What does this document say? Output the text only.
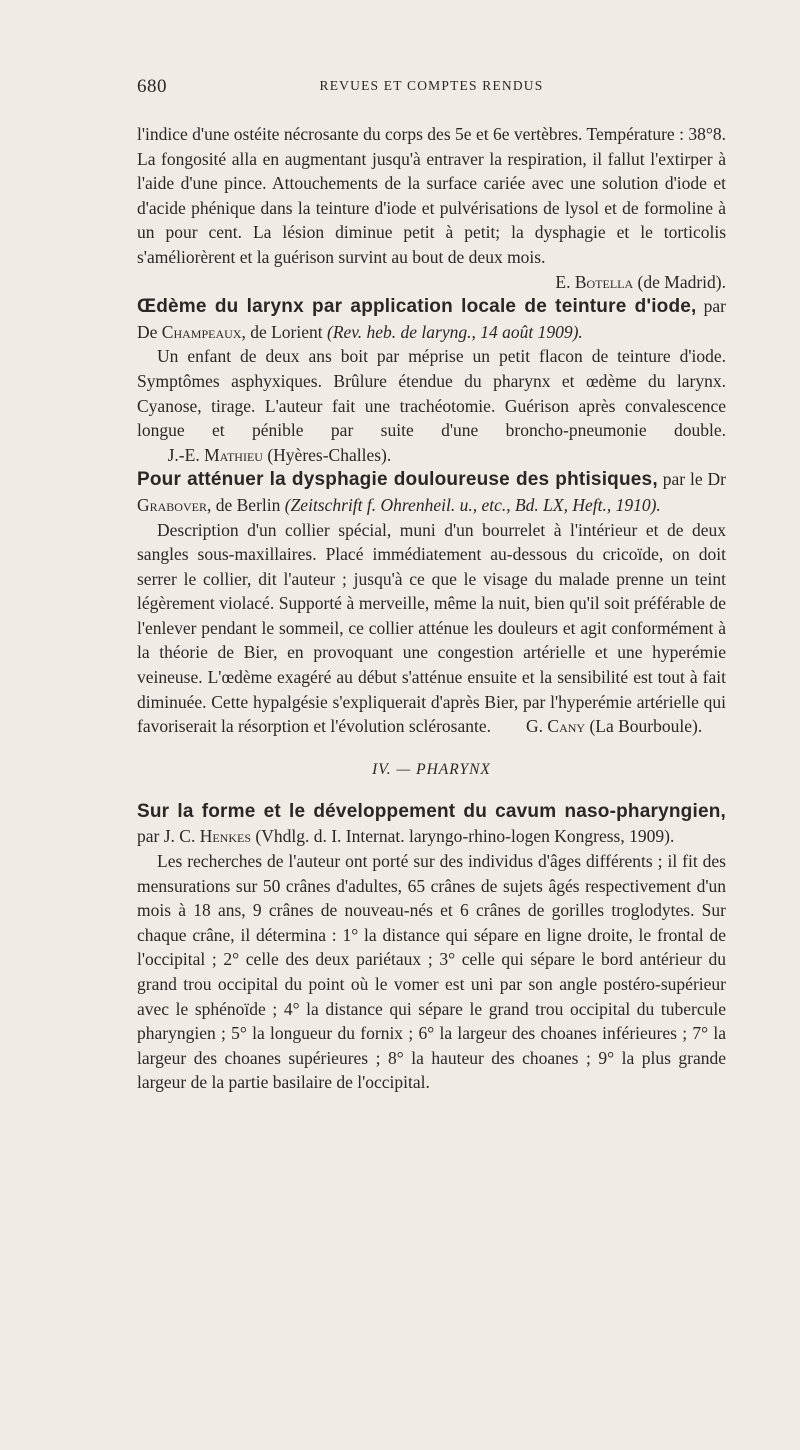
680	REVUES ET COMPTES RENDUS

l'indice d'une ostéite nécrosante du corps des 5e et 6e vertèbres. Température : 38°8. La fongosité alla en augmentant jusqu'à entraver la respiration, il fallut l'extirper à l'aide d'une pince. Attouchements de la surface cariée avec une solution d'iode et d'acide phénique dans la teinture d'iode et pulvérisations de lysol et de formoline à un pour cent. La lésion diminue petit à petit; la dysphagie et le torticolis s'améliorèrent et la guérison survint au bout de deux mois.

E. Botella (de Madrid).

Œdème du larynx par application locale de teinture d'iode, par De Champeaux, de Lorient (Rev. heb. de laryng., 14 août 1909).

Un enfant de deux ans boit par méprise un petit flacon de teinture d'iode. Symptômes asphyxiques. Brûlure étendue du pharynx et œdème du larynx. Cyanose, tirage. L'auteur fait une trachéotomie. Guérison après convalescence longue et pénible par suite d'une broncho-pneumonie double.        J.-E. Mathieu (Hyères-Challes).

Pour atténuer la dysphagie douloureuse des phtisiques, par le Dr Grabover, de Berlin (Zeitschrift f. Ohrenheil. u., etc., Bd. LX, Heft., 1910).

Description d'un collier spécial, muni d'un bourrelet à l'intérieur et de deux sangles sous-maxillaires. Placé immédiatement au-dessous du cricoïde, on doit serrer le collier, dit l'auteur ; jusqu'à ce que le visage du malade prenne un teint légèrement violacé. Supporté à merveille, même la nuit, bien qu'il soit préférable de l'enlever pendant le sommeil, ce collier atténue les douleurs et agit conformément à la théorie de Bier, en provoquant une congestion artérielle et une hyperémie veineuse. L'œdème exagéré au début s'atténue ensuite et la sensibilité est tout à fait diminuée. Cette hypalgésie s'expliquerait d'après Bier, par l'hyperémie artérielle qui favoriserait la résorption et l'évolution sclérosante. G. Cany (La Bourboule).

IV. — PHARYNX

Sur la forme et le développement du cavum naso-pharyngien, par J. C. Henkes (Vhdlg. d. I. Internat. laryngo-rhino-logen Kongress, 1909).

Les recherches de l'auteur ont porté sur des individus d'âges différents ; il fit des mensurations sur 50 crânes d'adultes, 65 crânes de sujets âgés respectivement d'un mois à 18 ans, 9 crânes de nouveau-nés et 6 crânes de gorilles troglodytes. Sur chaque crâne, il détermina : 1° la distance qui sépare en ligne droite, le frontal de l'occipital ; 2° celle des deux pariétaux ; 3° celle qui sépare le bord antérieur du grand trou occipital du point où le vomer est uni par son angle postéro-supérieur avec le sphénoïde ; 4° la distance qui sépare le grand trou occipital du tubercule pharyngien ; 5° la longueur du fornix ; 6° la largeur des choanes inférieures ; 7° la largeur des choanes supérieures ; 8° la hauteur des choanes ; 9° la plus grande largeur de la partie basilaire de l'occipital.
